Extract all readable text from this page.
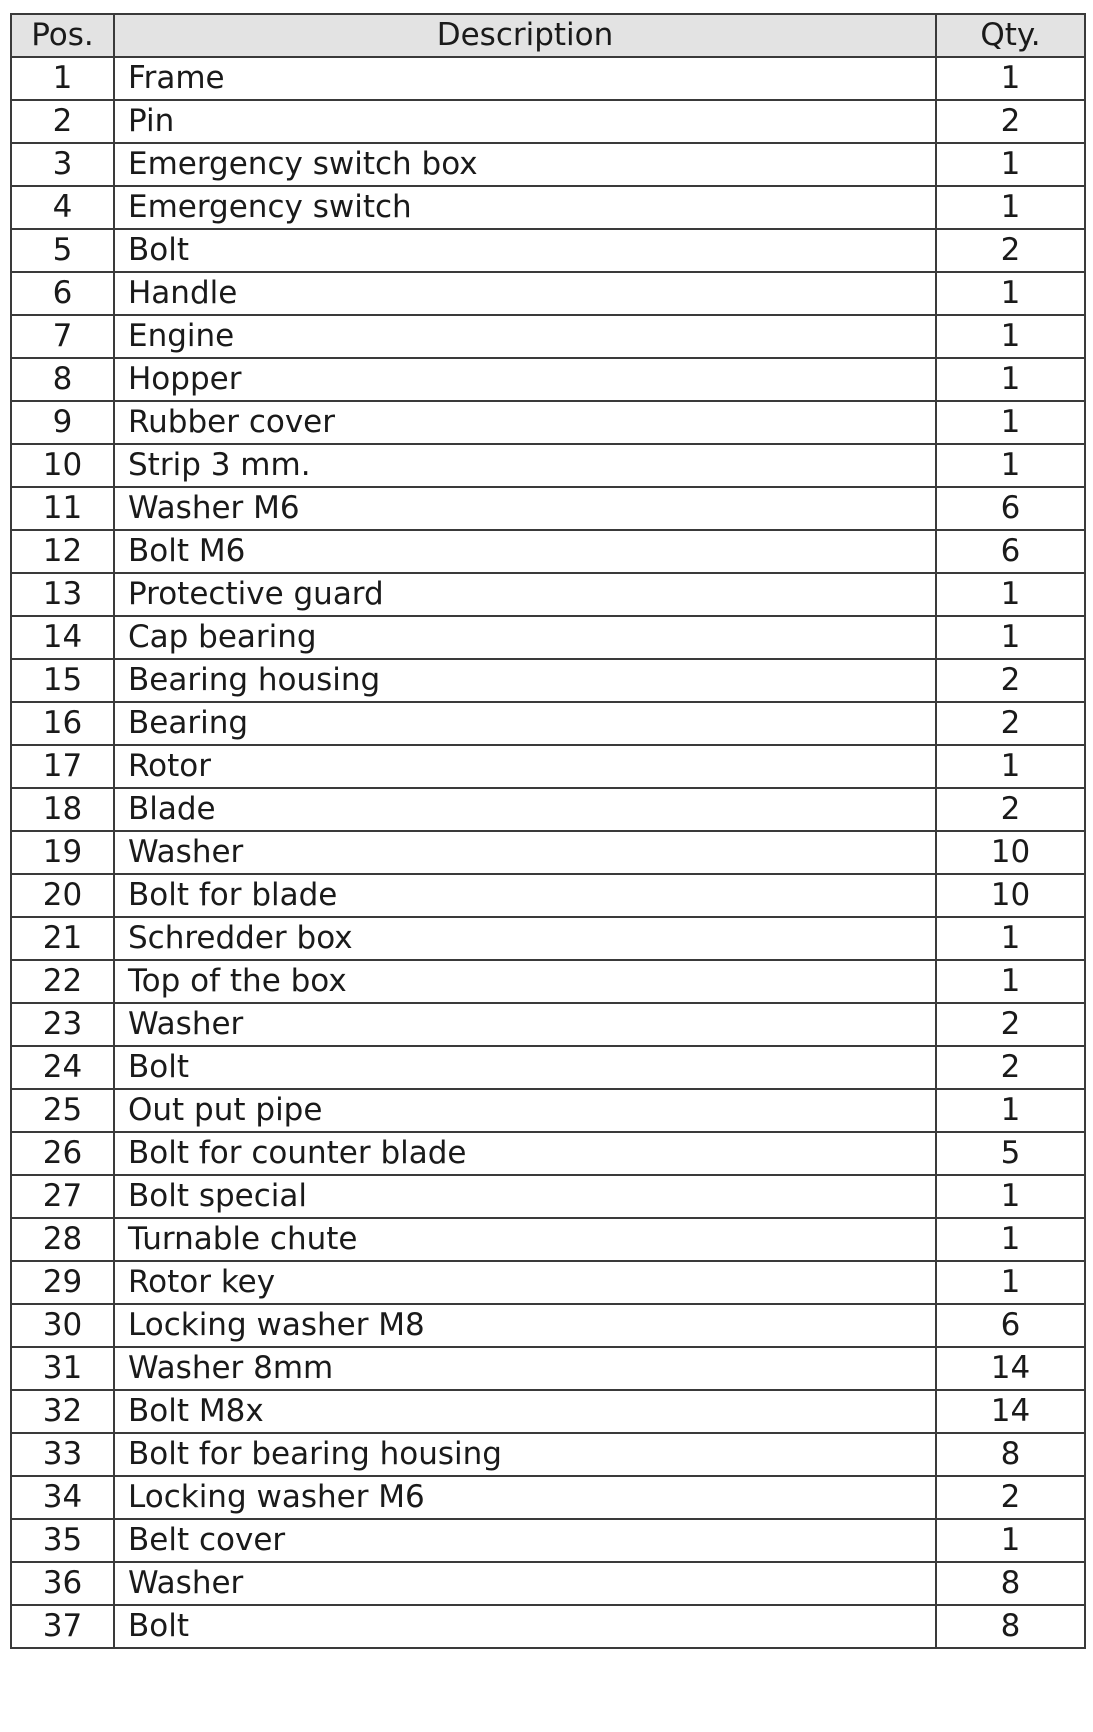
Pos.	Description	Qty.
1	Frame	1
2	Pin	2
3	Emergency switch box	1
4	Emergency switch	1
5	Bolt	2
6	Handle	1
7	Engine	1
8	Hopper	1
9	Rubber cover	1
10	Strip 3 mm.	1
11	Washer M6	6
12	Bolt M6	6
13	Protective guard	1
14	Cap bearing	1
15	Bearing housing	2
16	Bearing	2
17	Rotor	1
18	Blade	2
19	Washer	10
20	Bolt for blade	10
21	Schredder box	1
22	Top of the box	1
23	Washer	2
24	Bolt	2
25	Out put pipe	1
26	Bolt for counter blade	5
27	Bolt special	1
28	Turnable chute	1
29	Rotor key	1
30	Locking washer M8	6
31	Washer 8mm	14
32	Bolt M8x	14
33	Bolt for bearing housing	8
34	Locking washer M6	2
35	Belt cover	1
36	Washer	8
37	Bolt	8
